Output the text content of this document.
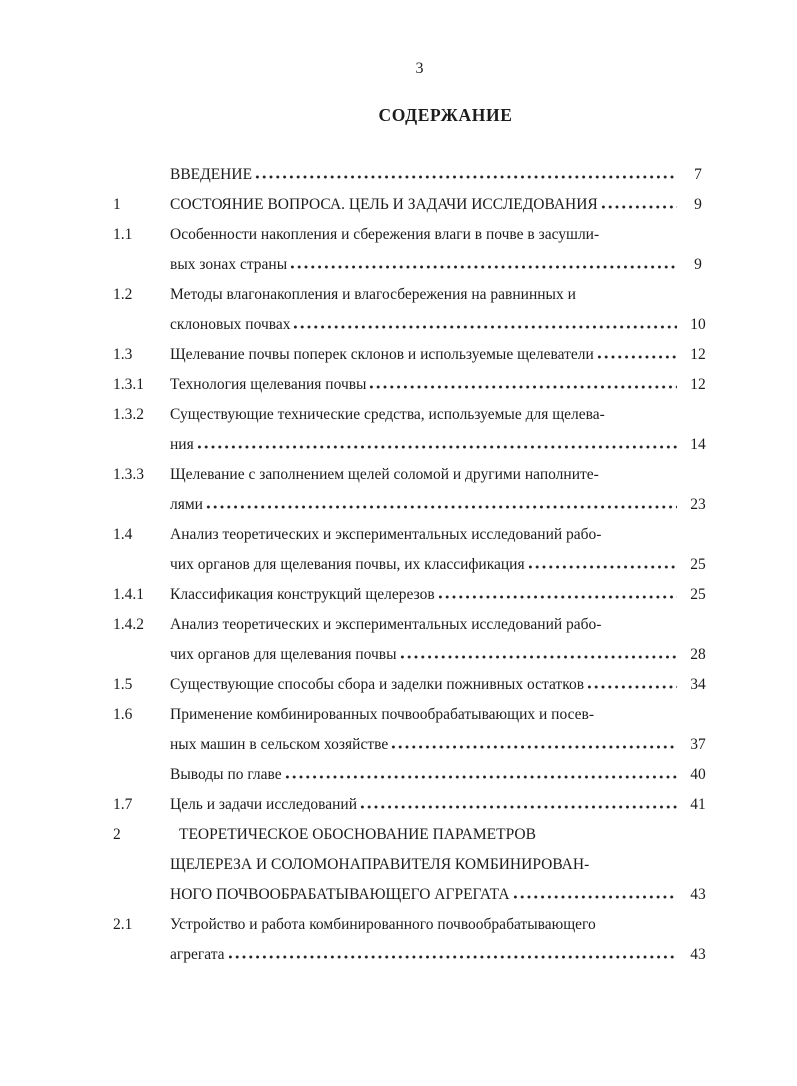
3
СОДЕРЖАНИЕ
ВВЕДЕНИЕ	7
1	СОСТОЯНИЕ ВОПРОСА. ЦЕЛЬ И ЗАДАЧИ ИССЛЕДОВАНИЯ	9
1.1	Особенности накопления и сбережения влаги в почве в засушли-
вых зонах страны	9
1.2	Методы влагонакопления и влагосбережения на равнинных и
склоновых почвах	10
1.3	Щелевание почвы поперек склонов и используемые щелеватели	12
1.3.1	Технология щелевания почвы	12
1.3.2	Существующие технические средства, используемые для щелева-
ния	14
1.3.3	Щелевание с заполнением щелей соломой и другими наполните-
лями	23
1.4	Анализ теоретических и экспериментальных исследований рабо-
чих органов для щелевания почвы, их классификация	25
1.4.1	Классификация конструкций щелерезов	25
1.4.2	Анализ теоретических и экспериментальных исследований рабо-
чих органов для щелевания почвы	28
1.5	Существующие способы сбора и заделки пожнивных остатков	34
1.6	Применение комбинированных почвообрабатывающих и посев-
ных машин в сельском хозяйстве	37
Выводы по главе	40
1.7	Цель и задачи исследований	41
2	ТЕОРЕТИЧЕСКОЕ ОБОСНОВАНИЕ ПАРАМЕТРОВ
ЩЕЛЕРЕЗА И СОЛОМОНАПРАВИТЕЛЯ КОМБИНИРОВАН-
НОГО ПОЧВООБРАБАТЫВАЮЩЕГО АГРЕГАТА	43
2.1	Устройство и работа комбинированного почвообрабатывающего
агрегата	43
